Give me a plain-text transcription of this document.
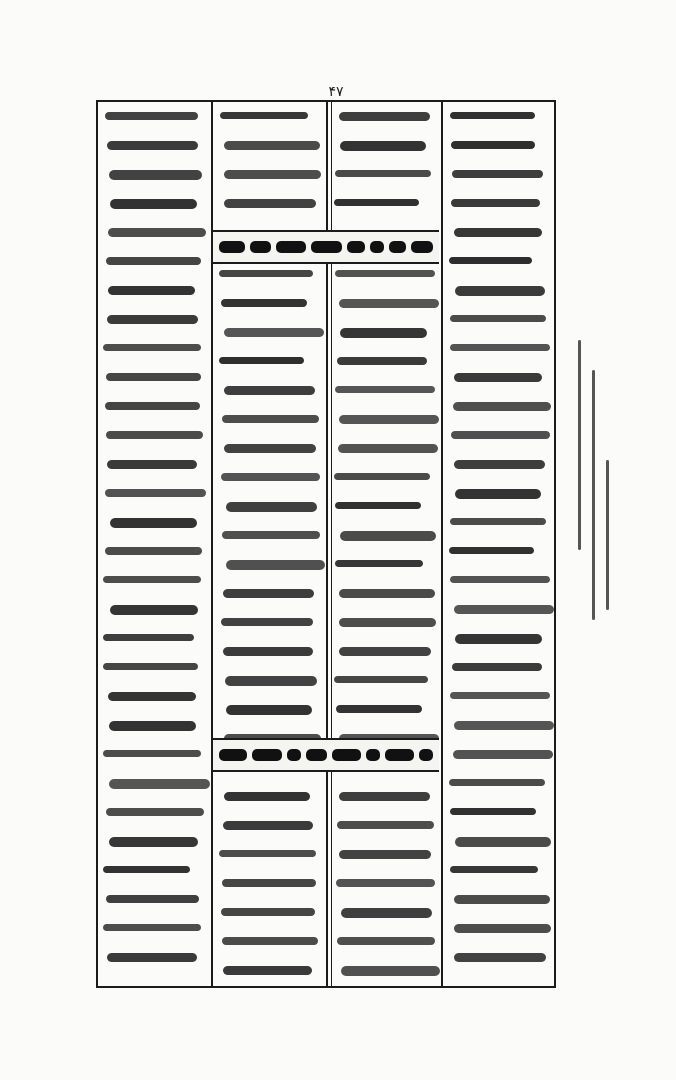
۴۷
